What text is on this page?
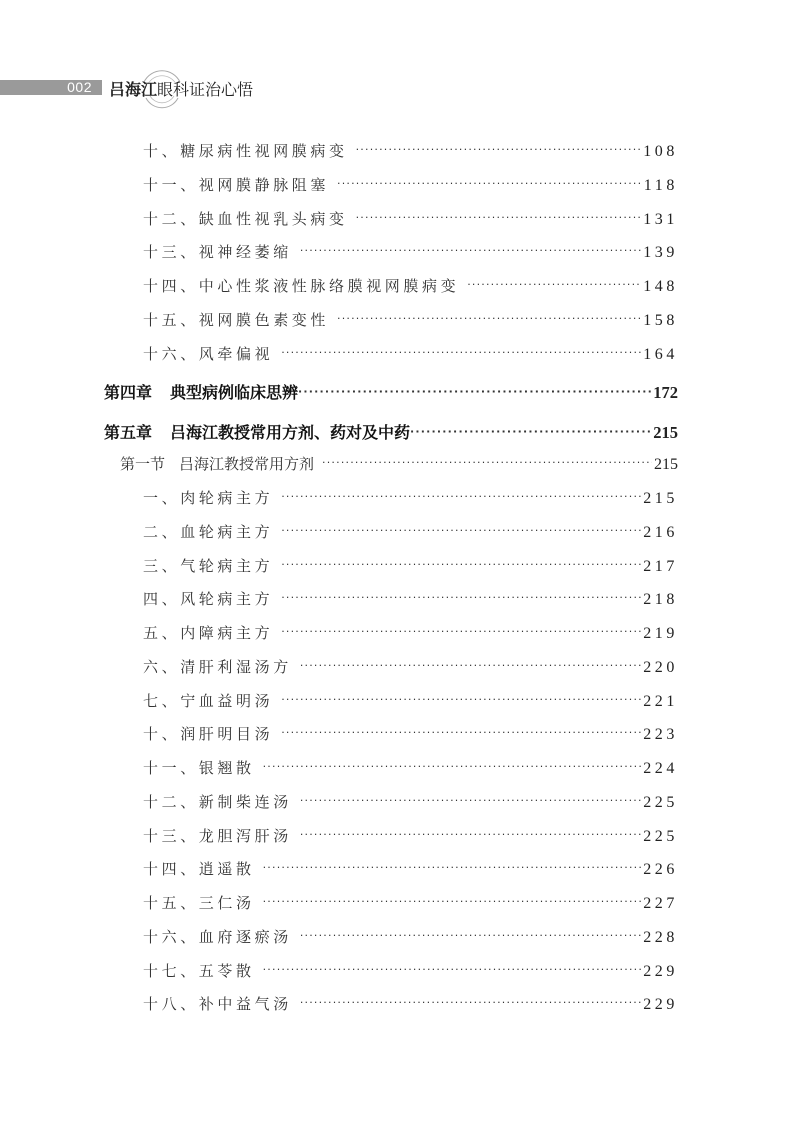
002 吕海江眼科证治心悟
十、糖尿病性视网膜病变 ·····	108
十一、视网膜静脉阻塞 ·····	118
十二、缺血性视乳头病变 ·····	131
十三、视神经萎缩 ·····	139
十四、中心性浆液性脉络膜视网膜病变 ·····	148
十五、视网膜色素变性 ·····	158
十六、风牵偏视 ·····	164
第四章 典型病例临床思辨 ·····	172
第五章 吕海江教授常用方剂、药对及中药 ·····	215
第一节 吕海江教授常用方剂 ·····	215
一、肉轮病主方 ·····	215
二、血轮病主方 ·····	216
三、气轮病主方 ·····	217
四、风轮病主方 ·····	218
五、内障病主方 ·····	219
六、清肝利湿汤方 ·····	220
七、宁血益明汤 ·····	221
十、润肝明目汤 ·····	223
十一、银翘散 ·····	224
十二、新制柴连汤 ·····	225
十三、龙胆泻肝汤 ·····	225
十四、逍遥散 ·····	226
十五、三仁汤 ·····	227
十六、血府逐瘀汤 ·····	228
十七、五苓散 ·····	229
十八、补中益气汤 ·····	229
